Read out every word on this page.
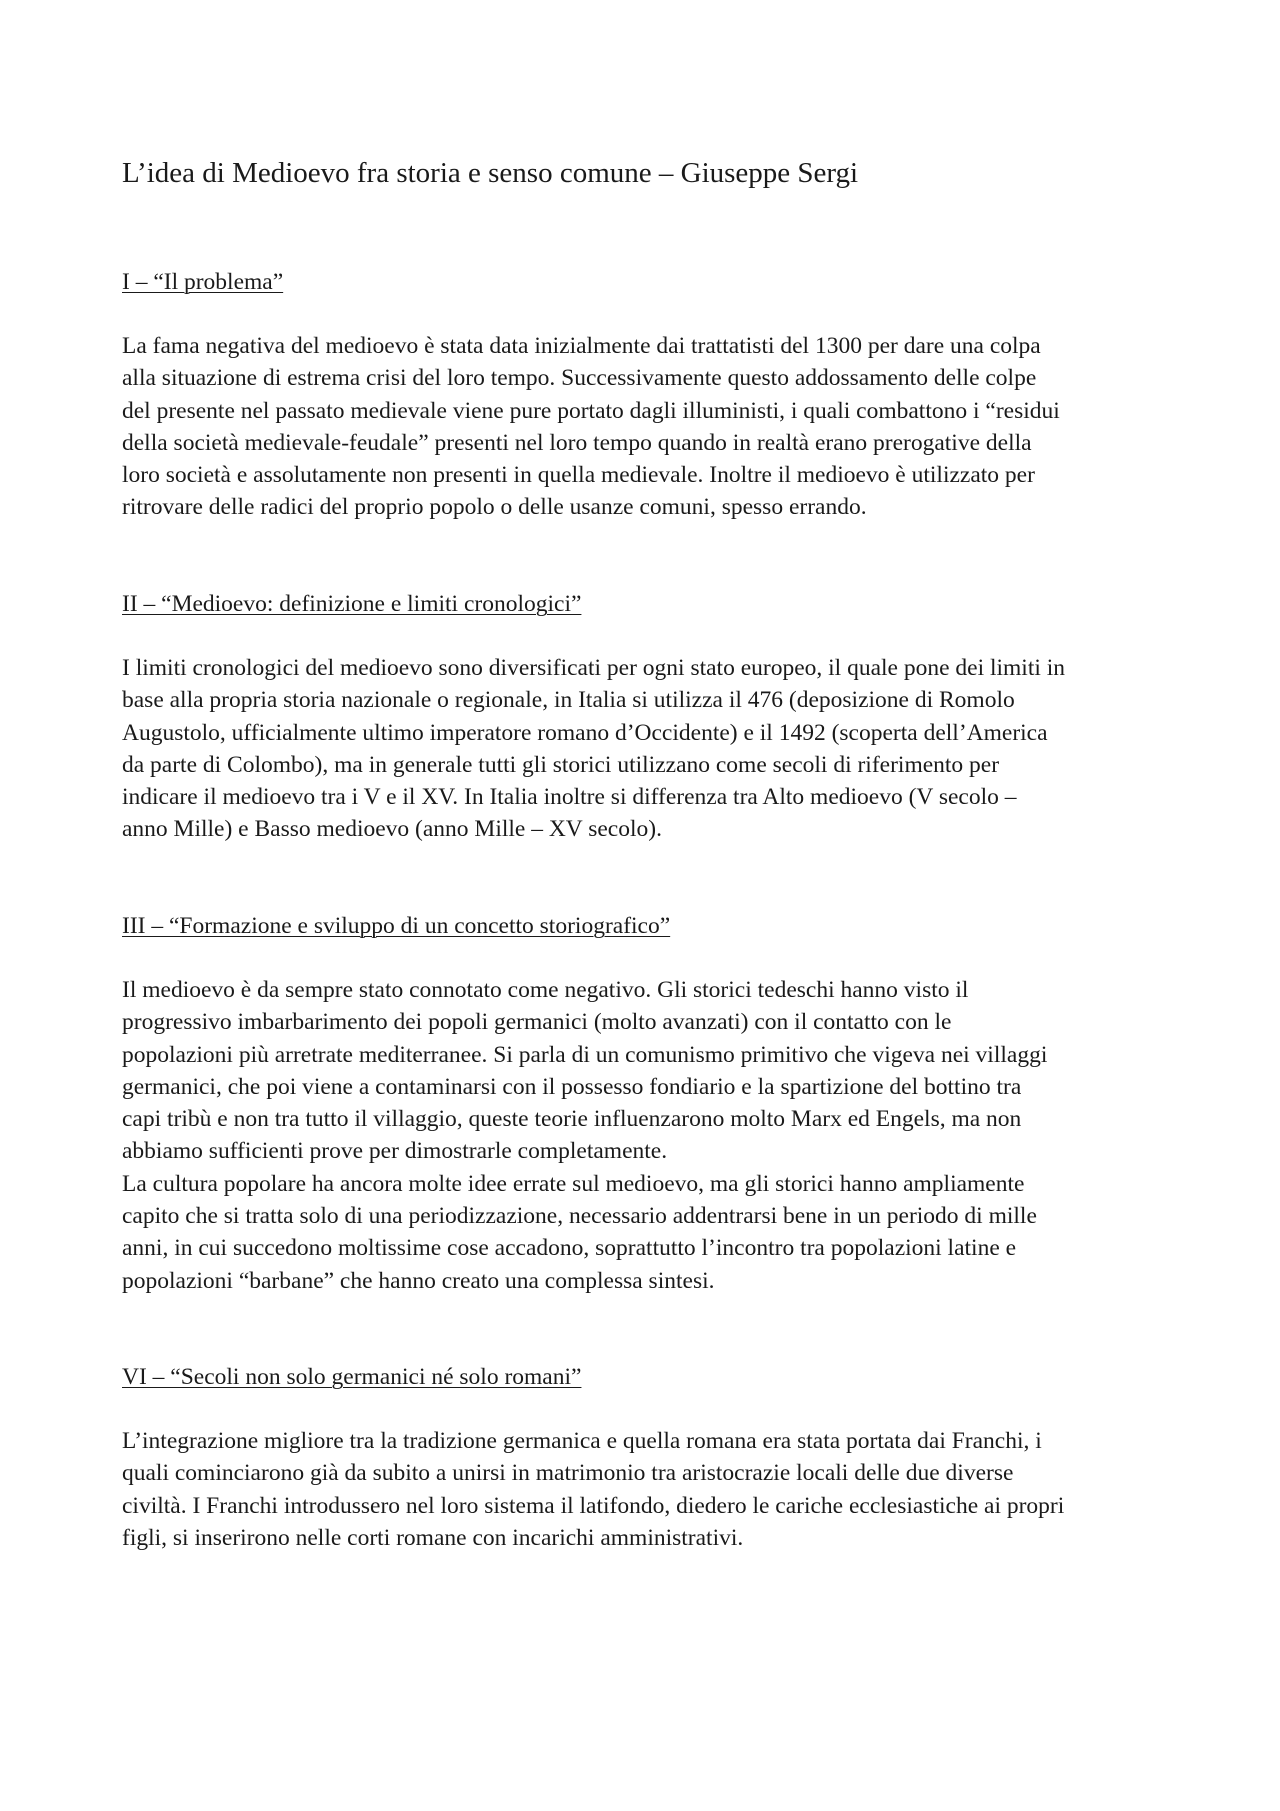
L’idea di Medioevo fra storia e senso comune – Giuseppe Sergi
I – “Il problema”

La fama negativa del medioevo è stata data inizialmente dai trattatisti del 1300 per dare una colpa
alla situazione di estrema crisi del loro tempo. Successivamente questo addossamento delle colpe
del presente nel passato medievale viene pure portato dagli illuministi, i quali combattono i “residui
della società medievale-feudale” presenti nel loro tempo quando in realtà erano prerogative della
loro società e assolutamente non presenti in quella medievale. Inoltre il medioevo è utilizzato per
ritrovare delle radici del proprio popolo o delle usanze comuni, spesso errando.

II – “Medioevo: definizione e limiti cronologici”

I limiti cronologici del medioevo sono diversificati per ogni stato europeo, il quale pone dei limiti in
base alla propria storia nazionale o regionale, in Italia si utilizza il 476 (deposizione di Romolo
Augustolo, ufficialmente ultimo imperatore romano d’Occidente) e il 1492 (scoperta dell’America
da parte di Colombo), ma in generale tutti gli storici utilizzano come secoli di riferimento per
indicare il medioevo tra i V e il XV. In Italia inoltre si differenza tra Alto medioevo (V secolo –
anno Mille) e Basso medioevo (anno Mille – XV secolo).

III – “Formazione e sviluppo di un concetto storiografico”

Il medioevo è da sempre stato connotato come negativo. Gli storici tedeschi hanno visto il
progressivo imbarbarimento dei popoli germanici (molto avanzati) con il contatto con le
popolazioni più arretrate mediterranee. Si parla di un comunismo primitivo che vigeva nei villaggi
germanici, che poi viene a contaminarsi con il possesso fondiario e la spartizione del bottino tra
capi tribù e non tra tutto il villaggio, queste teorie influenzarono molto Marx ed Engels, ma non
abbiamo sufficienti prove per dimostrarle completamente.
La cultura popolare ha ancora molte idee errate sul medioevo, ma gli storici hanno ampliamente
capito che si tratta solo di una periodizzazione, necessario addentrarsi bene in un periodo di mille
anni, in cui succedono moltissime cose accadono, soprattutto l’incontro tra popolazioni latine e
popolazioni “barbane” che hanno creato una complessa sintesi.

VI – “Secoli non solo germanici né solo romani”

L’integrazione migliore tra la tradizione germanica e quella romana era stata portata dai Franchi, i
quali cominciarono già da subito a unirsi in matrimonio tra aristocrazie locali delle due diverse
civiltà. I Franchi introdussero nel loro sistema il latifondo, diedero le cariche ecclesiastiche ai propri
figli, si inserirono nelle corti romane con incarichi amministrativi.
